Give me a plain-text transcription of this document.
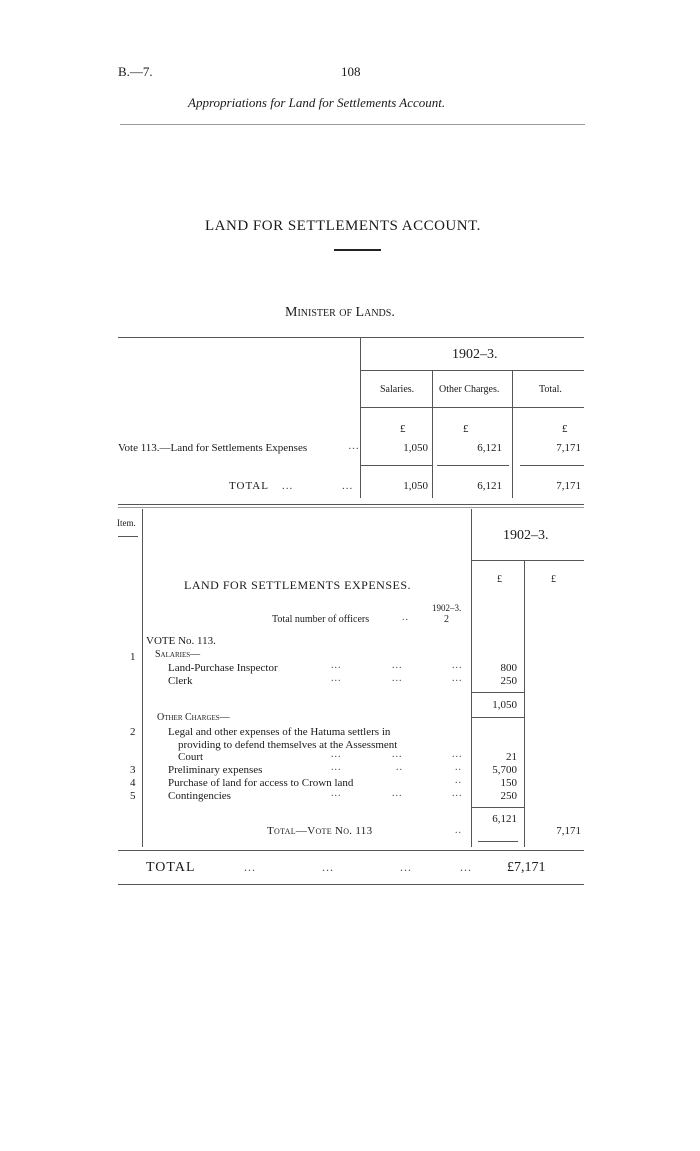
B.—7.	108
Appropriations for Land for Settlements Account.
LAND FOR SETTLEMENTS ACCOUNT.
Minister of Lands.
1902–3.
Salaries. Other Charges.	Total.
£	£	£
Vote 113.—Land for Settlements Expenses	…	1,050	6,121	7,171
TOTAL ...	...	1,050	6,121	7,171
Item.
1902–3.
LAND FOR SETTLEMENTS EXPENSES.	£	£
1902–3.
Total number of officers	..	2
VOTE No. 113.
Salaries—
1
Land-Purchase Inspector	...	...	...	800
Clerk	...	...	...	250
1,050
Other Charges—
2	Legal and other expenses of the Hatuma settlers in
providing to defend themselves at the Assessment
Court	...	...	...	21
3	Preliminary expenses	...	..	..	5,700
4	Purchase of land for access to Crown land	..	150
5	Contingencies	...	...	...	250
6,121
Total—Vote No. 113	..	7,171
TOTAL	...	...	...	...	£7,171
